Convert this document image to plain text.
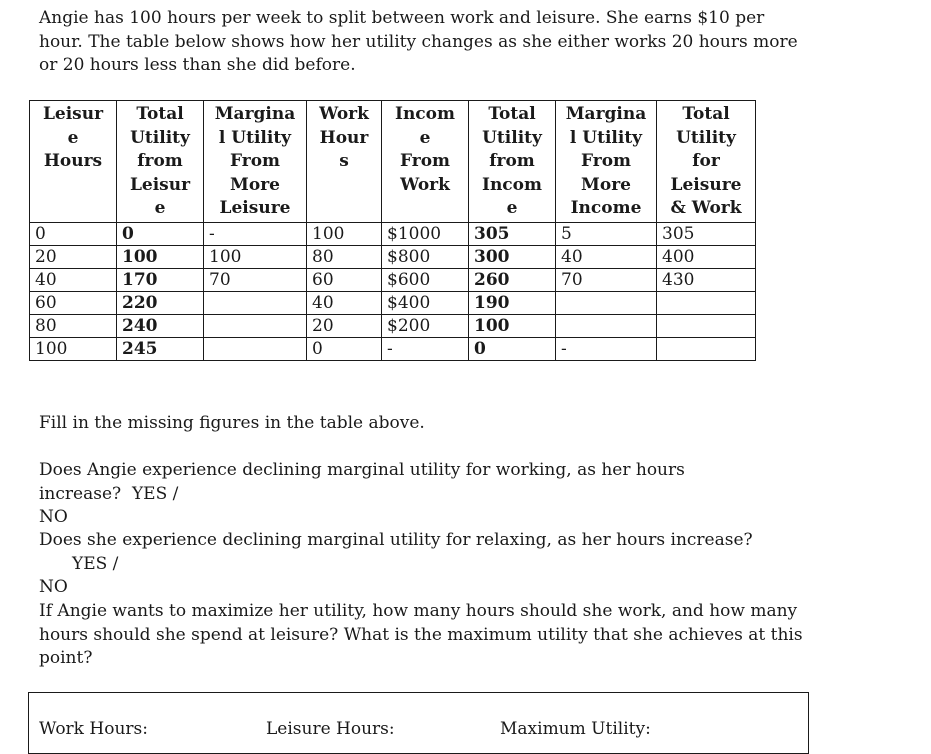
Angie has 100 hours per week to split between work and leisure. She earns $10 per hour. The table below shows how her utility changes as she either works 20 hours more or 20 hours less than she did before.
Leisur
e
Hours	Total
Utility
from
Leisur
e	Margina
l Utility
From
More
Leisure	Work
Hour
s	Incom
e
From
Work	Total
Utility
from
Incom
e	Margina
l Utility
From
More
Income	Total
Utility
for
Leisure
& Work
0	0	-	100	$1000	305	5	305
20	100	100	80	$800	300	40	400
40	170	70	60	$600	260	70	430
60	220		40	$400	190		
80	240		20	$200	100		
100	245		0	-	0	-	
Fill in the missing figures in the table above.
Does Angie experience declining marginal utility for working, as her hours increase? YES /
NO
Does she experience declining marginal utility for relaxing, as her hours increase?YES /
NO
If Angie wants to maximize her utility, how many hours should she work, and how many hours should she spend at leisure? What is the maximum utility that she achieves at this point?
Work Hours:	Leisure Hours:	Maximum Utility:
